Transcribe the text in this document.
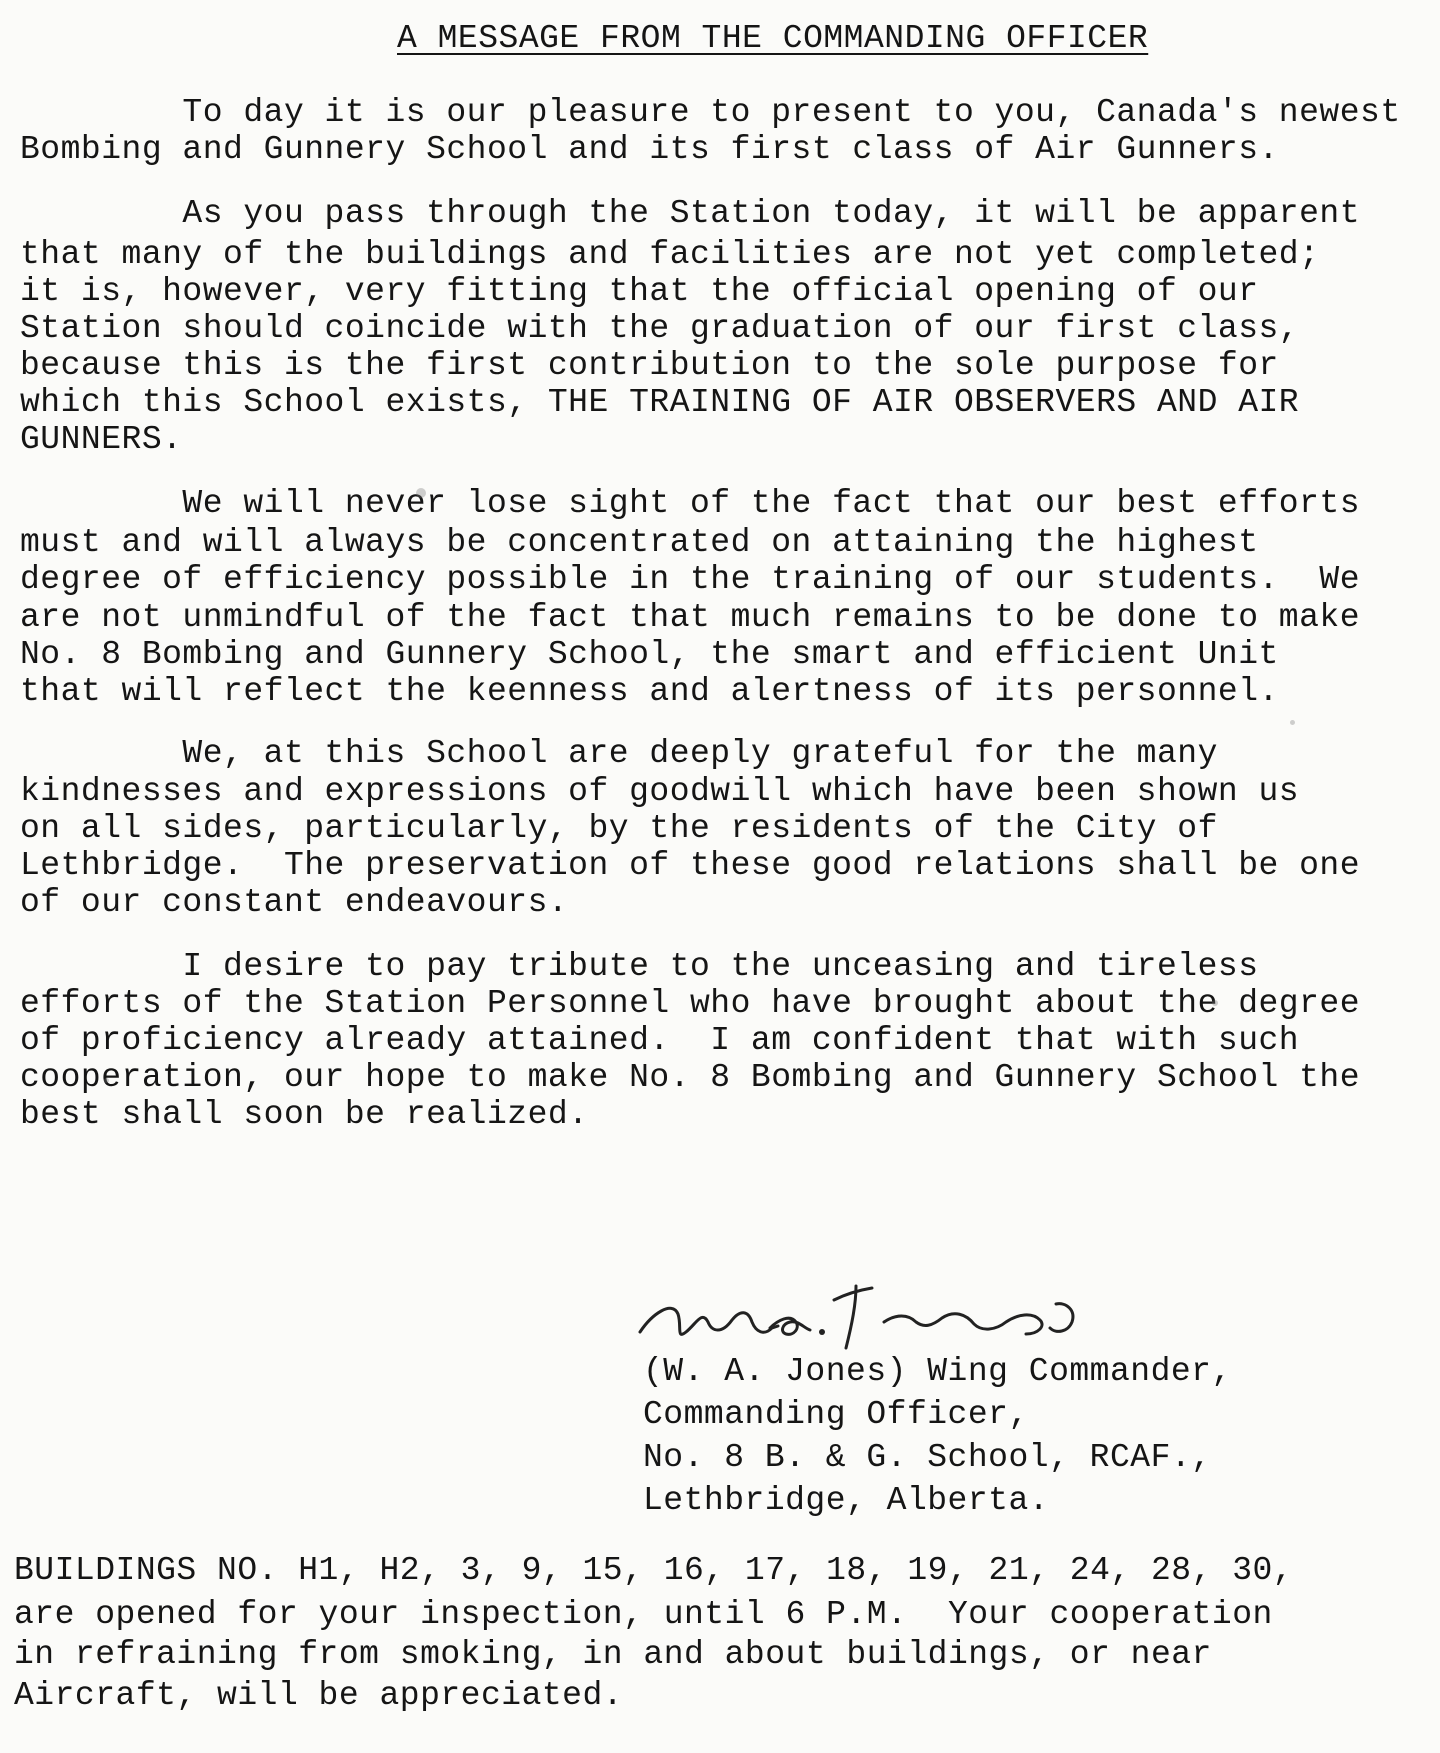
A MESSAGE FROM THE COMMANDING OFFICER
To day it is our pleasure to present to you, Canada's newest
Bombing and Gunnery School and its first class of Air Gunners.
As you pass through the Station today, it will be apparent
that many of the buildings and facilities are not yet completed;
it is, however, very fitting that the official opening of our
Station should coincide with the graduation of our first class,
because this is the first contribution to the sole purpose for
which this School exists, THE TRAINING OF AIR OBSERVERS AND AIR
GUNNERS.
We will never lose sight of the fact that our best efforts
must and will always be concentrated on attaining the highest
degree of efficiency possible in the training of our students.  We
are not unmindful of the fact that much remains to be done to make
No. 8 Bombing and Gunnery School, the smart and efficient Unit
that will reflect the keenness and alertness of its personnel.
We, at this School are deeply grateful for the many
kindnesses and expressions of goodwill which have been shown us
on all sides, particularly, by the residents of the City of
Lethbridge.  The preservation of these good relations shall be one
of our constant endeavours.
I desire to pay tribute to the unceasing and tireless
efforts of the Station Personnel who have brought about the degree
of proficiency already attained.  I am confident that with such
cooperation, our hope to make No. 8 Bombing and Gunnery School the
best shall soon be realized.
(W. A. Jones) Wing Commander,
Commanding Officer,
No. 8 B. & G. School, RCAF.,
Lethbridge, Alberta.
BUILDINGS NO. H1, H2, 3, 9, 15, 16, 17, 18, 19, 21, 24, 28, 30,
are opened for your inspection, until 6 P.M.  Your cooperation
in refraining from smoking, in and about buildings, or near
Aircraft, will be appreciated.
